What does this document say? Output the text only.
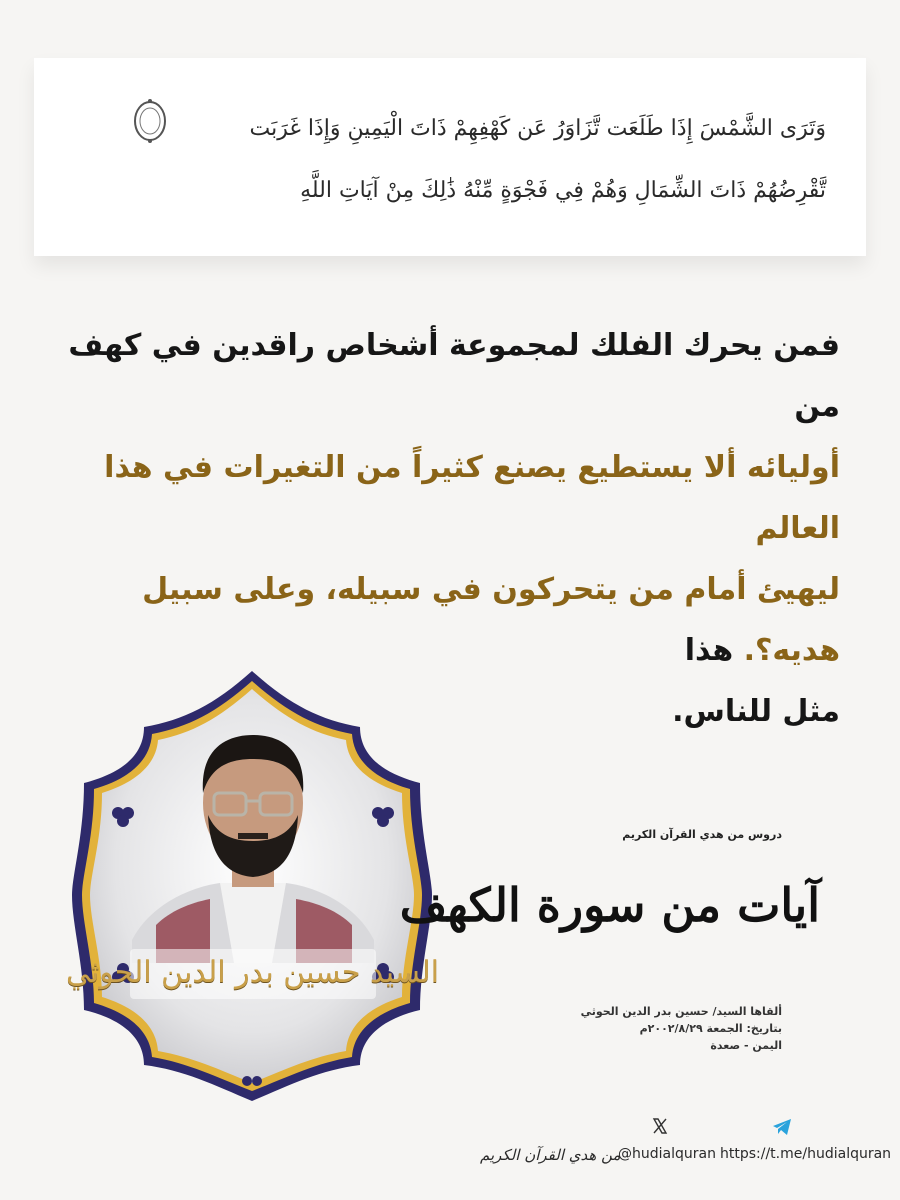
وَتَرَى الشَّمْسَ إِذَا طَلَعَت تَّزَاوَرُ عَن كَهْفِهِمْ ذَاتَ الْيَمِينِ وَإِذَا غَرَبَت
تَّقْرِضُهُمْ ذَاتَ الشِّمَالِ وَهُمْ فِي فَجْوَةٍ مِّنْهُ ذَٰلِكَ مِنْ آيَاتِ اللَّهِ
فمن يحرك الفلك لمجموعة أشخاص راقدين في كهف من
أوليائه ألا يستطيع يصنع كثيراً من التغيرات في هذا العالم
ليهيئ أمام من يتحركون في سبيله، وعلى سبيل هديه؟. هذا
مثل للناس.
السيد حسين بدر الدين الحوثي
دروس من هدي القرآن الكريم
آيات من سورة الكهف
ألقاها السيد/ حسين بدر الدين الحوثي
بتاريخ: الجمعة ٢٠٠٢/٨/٢٩م
اليمن - صعدة
https://t.me/hudialquran
@hudialquran
من هدي القرآن الكريم
